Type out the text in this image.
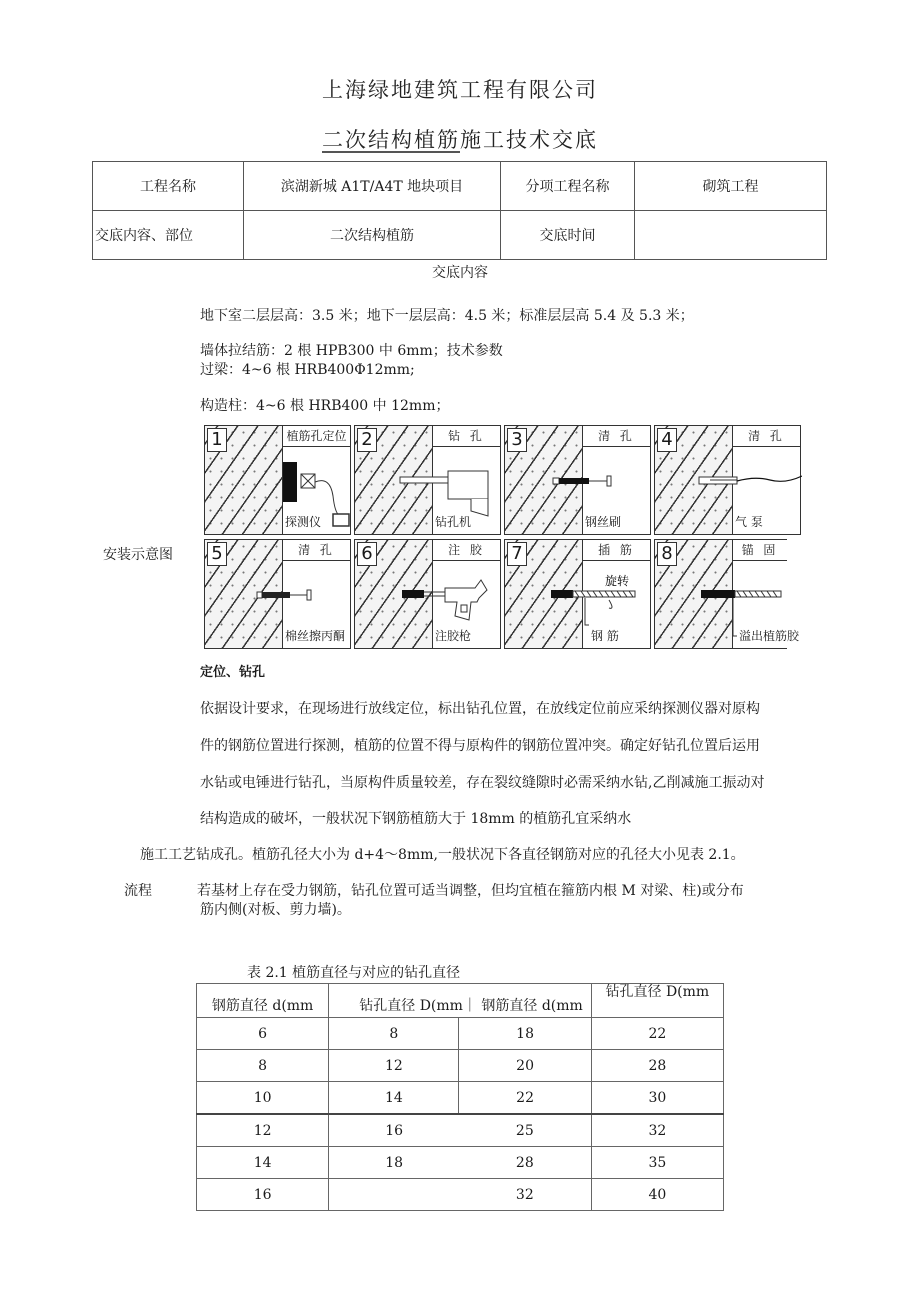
上海绿地建筑工程有限公司
二次结构植筋施工技术交底
工程名称	滨湖新城 A1T/A4T 地块项目	分项工程名称	砌筑工程
交底内容、部位	二次结构植筋	交底时间	
交底内容
地下室二层层高：3.5 米；地下一层层高：4.5 米；标准层层高 5.4 及 5.3 米；
墙体拉结筋：2 根 HPB300 中 6mm；技术参数
过梁：4~6 根 HRB400Φ12mm;
构造柱：4~6 根 HRB400 中 12mm；
安装示意图
1	植筋孔定位
探测仪
2	钻 孔
钻孔机
3	清 孔
钢丝刷
4	清 孔
气 泵
5	清 孔
棉丝擦丙酮
6	注 胶
注胶枪
7	插 筋
旋转
钢 筋
8	锚 固
溢出植筋胶
定位、钻孔
依据设计要求，在现场进行放线定位，标出钻孔位置，在放线定位前应采纳探测仪器对原构
件的钢筋位置进行探测，植筋的位置不得与原构件的钢筋位置冲突。确定好钻孔位置后运用
水钻或电锤进行钻孔，当原构件质量较差，存在裂纹缝隙时必需采纳水钻,乙削减施工振动对
结构造成的破坏，一般状况下钢筋植筋大于 18mm 的植筋孔宜采纳水
施工工艺钻成孔。植筋孔径大小为 d+4～8mm,一般状况下各直径钢筋对应的孔径大小见表 2.1。
流程	若基材上存在受力钢筋，钻孔位置可适当调整，但均宜植在箍筋内根 M 对梁、柱)或分布
筋内侧(对板、剪力墙)。
表 2.1 植筋直径与对应的钻孔直径
钢筋直径 d(mm	钻孔直径 D(mm｜ 钢筋直径 d(mm		钻孔直径 D(mm
6	8	18	22
8	12	20	28
10	14	22	30
12	16	25	32
14	18	28	35
16		32	40
